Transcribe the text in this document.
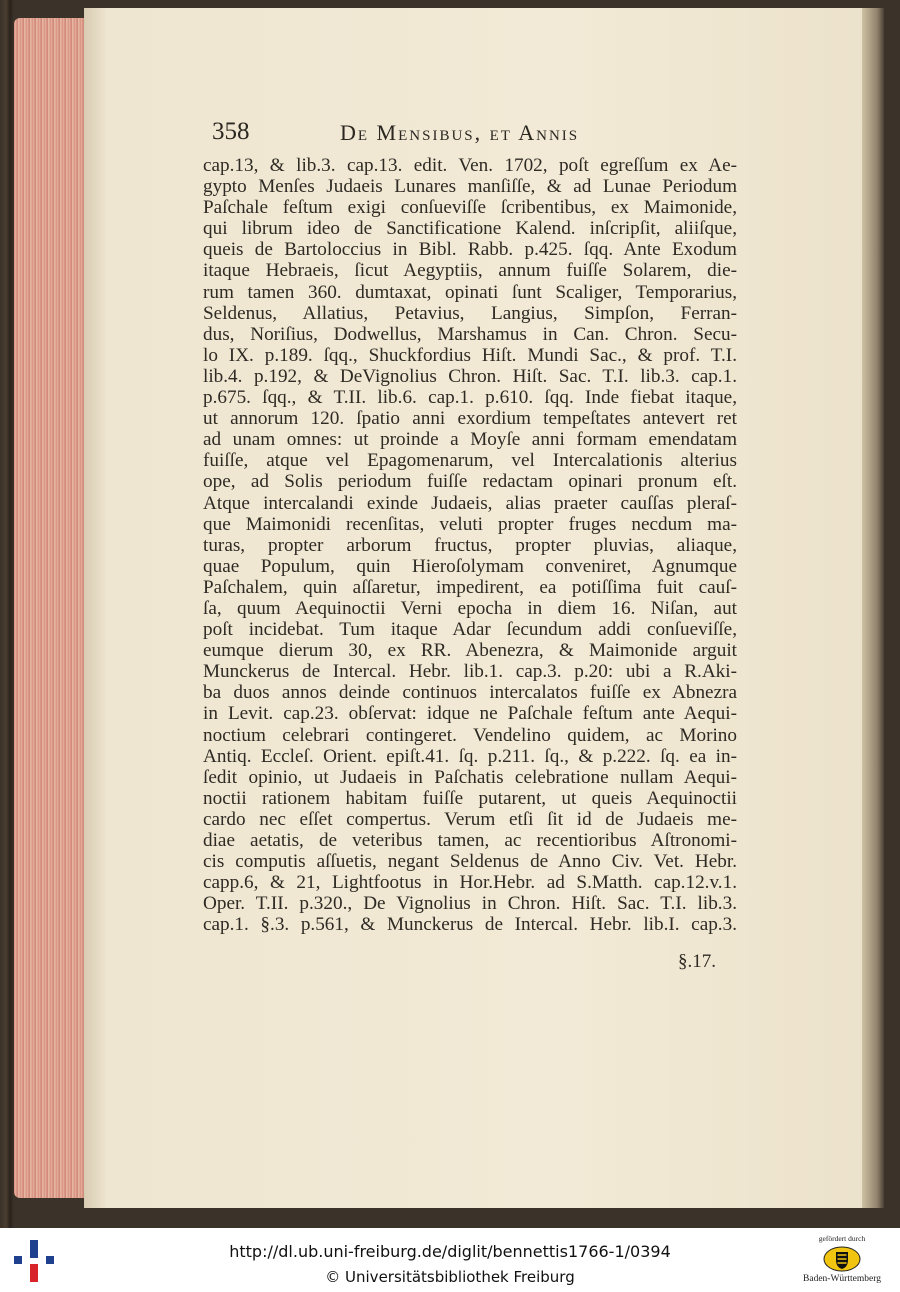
358	De Mensibus, et Annis
cap.13, & lib.3. cap.13. edit. Ven. 1702, poſt egreſſum ex Ae-
gypto Menſes Judaeis Lunares manſiſſe, & ad Lunae Periodum
Paſchale feſtum exigi conſueviſſe ſcribentibus, ex Maimonide,
qui librum ideo de Sanctificatione Kalend. inſcripſit, aliiſque,
queis de Bartoloccius in Bibl. Rabb. p.425. ſqq. Ante Exodum
itaque Hebraeis, ſicut Aegyptiis, annum fuiſſe Solarem, die-
rum tamen 360. dumtaxat, opinati ſunt Scaliger, Temporarius,
Seldenus, Allatius, Petavius, Langius, Simpſon, Ferran-
dus, Noriſius, Dodwellus, Marshamus in Can. Chron. Secu-
lo IX. p.189. ſqq., Shuckfordius Hiſt. Mundi Sac., & prof. T.I.
lib.4. p.192, & DeVignolius Chron. Hiſt. Sac. T.I. lib.3. cap.1.
p.675. ſqq., & T.II. lib.6. cap.1. p.610. ſqq. Inde fiebat itaque,
ut annorum 120. ſpatio anni exordium tempeſtates antevert ret
ad unam omnes: ut proinde a Moyſe anni formam emendatam
fuiſſe, atque vel Epagomenarum, vel Intercalationis alterius
ope, ad Solis periodum fuiſſe redactam opinari pronum eſt.
Atque intercalandi exinde Judaeis, alias praeter cauſſas pleraſ-
que Maimonidi recenſitas, veluti propter fruges necdum ma-
turas, propter arborum fructus, propter pluvias, aliaque,
quae Populum, quin Hieroſolymam conveniret, Agnumque
Paſchalem, quin aſſaretur, impedirent, ea potiſſima fuit cauſ-
ſa, quum Aequinoctii Verni epocha in diem 16. Niſan, aut
poſt incidebat. Tum itaque Adar ſecundum addi conſueviſſe,
eumque dierum 30, ex RR. Abenezra, & Maimonide arguit
Munckerus de Intercal. Hebr. lib.1. cap.3. p.20: ubi a R.Aki-
ba duos annos deinde continuos intercalatos fuiſſe ex Abnezra
in Levit. cap.23. obſervat: idque ne Paſchale feſtum ante Aequi-
noctium celebrari contingeret. Vendelino quidem, ac Morino
Antiq. Eccleſ. Orient. epiſt.41. ſq. p.211. ſq., & p.222. ſq. ea in-
ſedit opinio, ut Judaeis in Paſchatis celebratione nullam Aequi-
noctii rationem habitam fuiſſe putarent, ut queis Aequinoctii
cardo nec eſſet compertus. Verum etſi ſit id de Judaeis me-
diae aetatis, de veteribus tamen, ac recentioribus Aſtronomi-
cis computis aſſuetis, negant Seldenus de Anno Civ. Vet. Hebr.
capp.6, & 21, Lightfootus in Hor.Hebr. ad S.Matth. cap.12.v.1.
Oper. T.II. p.320., De Vignolius in Chron. Hiſt. Sac. T.I. lib.3.
cap.1. §.3. p.561, & Munckerus de Intercal. Hebr. lib.I. cap.3.
§.17.
http://dl.ub.uni-freiburg.de/diglit/bennettis1766-1/0394
© Universitätsbibliothek Freiburg
gefördert durch
Baden-Württemberg
